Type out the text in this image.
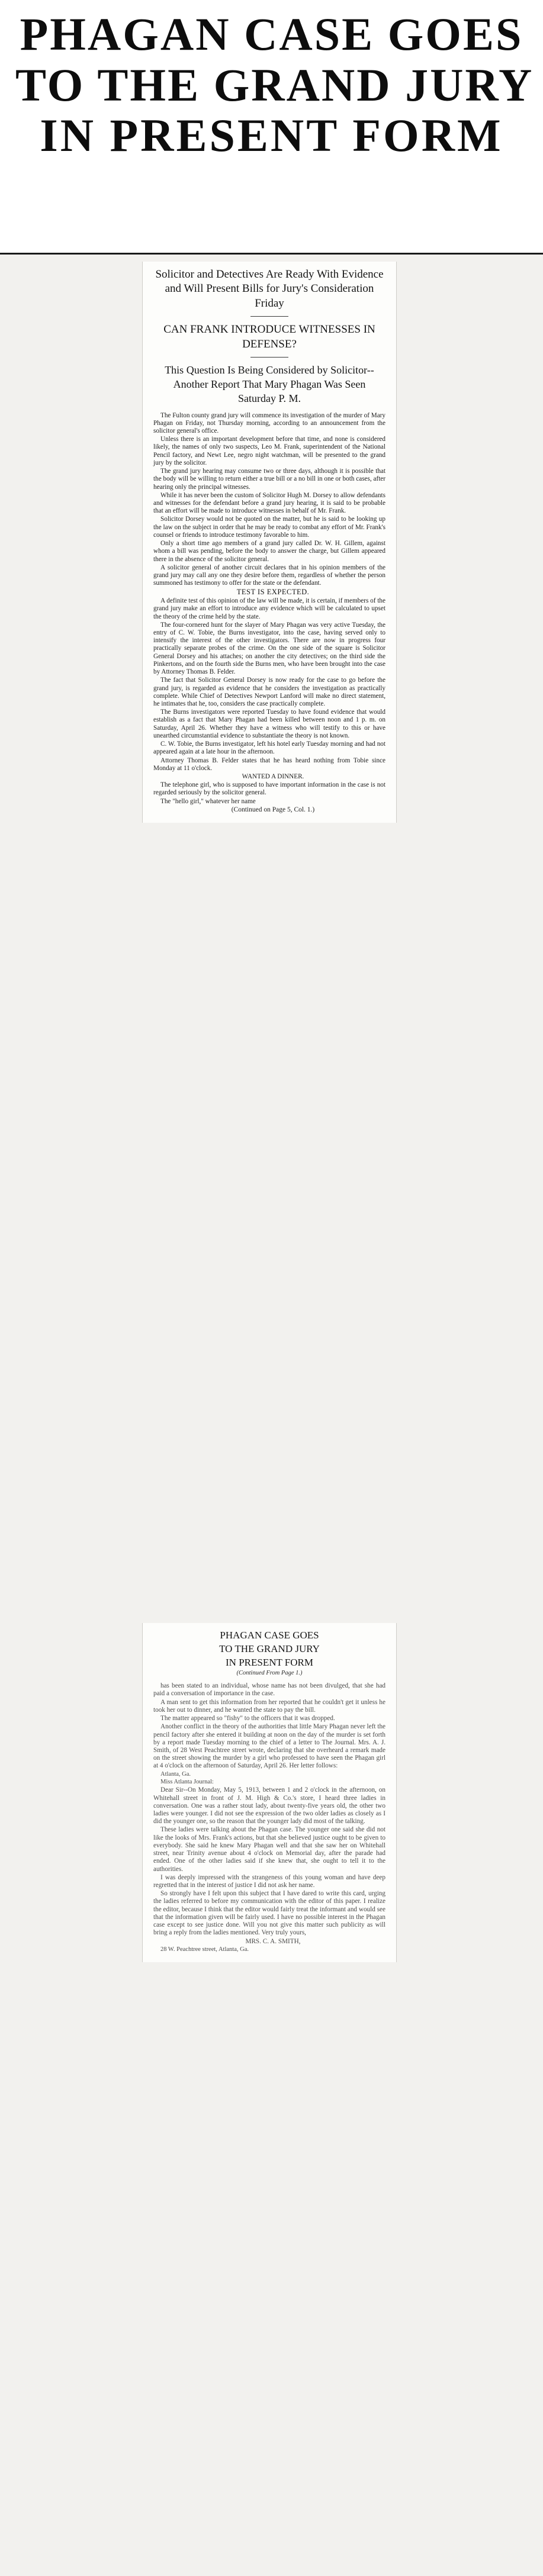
PHAGAN CASE GOES
TO THE GRAND JURY
IN PRESENT FORM
Solicitor and Detectives Are Ready With Evidence and Will Present Bills for Jury's Consideration Friday
CAN FRANK INTRODUCE WITNESSES IN DEFENSE?
This Question Is Being Considered by Solicitor--Another Report That Mary Phagan Was Seen Saturday P. M.

The Fulton county grand jury will commence its investigation of the murder of Mary Phagan on Friday, not Thursday morning, according to an announcement from the solicitor general's office.

Unless there is an important development before that time, and none is considered likely, the names of only two suspects, Leo M. Frank, superintendent of the National Pencil factory, and Newt Lee, negro night watchman, will be presented to the grand jury by the solicitor.

The grand jury hearing may consume two or three days, although it is possible that the body will be willing to return either a true bill or a no bill in one or both cases, after hearing only the principal witnesses.

While it has never been the custom of Solicitor Hugh M. Dorsey to allow defendants and witnesses for the defendant before a grand jury hearing, it is said to be probable that an effort will be made to introduce witnesses in behalf of Mr. Frank.

Solicitor Dorsey would not be quoted on the matter, but he is said to be looking up the law on the subject in order that he may be ready to combat any effort of Mr. Frank's counsel or friends to introduce testimony favorable to him.

Only a short time ago members of a grand jury called Dr. W. H. Gillem, against whom a bill was pending, before the body to answer the charge, but Gillem appeared there in the absence of the solicitor general.

A solicitor general of another circuit declares that in his opinion members of the grand jury may call any one they desire before them, regardless of whether the person summoned has testimony to offer for the state or the defendant.

TEST IS EXPECTED.

A definite test of this opinion of the law will be made, it is certain, if members of the grand jury make an effort to introduce any evidence which will be calculated to upset the theory of the crime held by the state.

The four-cornered hunt for the slayer of Mary Phagan was very active Tuesday, the entry of C. W. Tobie, the Burns investigator, into the case, having served only to intensify the interest of the other investigators. There are now in progress four practically separate probes of the crime. On the one side of the square is Solicitor General Dorsey and his attaches; on another the city detectives; on the third side the Pinkertons, and on the fourth side the Burns men, who have been brought into the case by Attorney Thomas B. Felder.

The fact that Solicitor General Dorsey is now ready for the case to go before the grand jury, is regarded as evidence that he considers the investigation as practically complete. While Chief of Detectives Newport Lanford will make no direct statement, he intimates that he, too, considers the case practically complete.

The Burns investigators were reported Tuesday to have found evidence that would establish as a fact that Mary Phagan had been killed between noon and 1 p. m. on Saturday, April 26. Whether they have a witness who will testify to this or have unearthed circumstantial evidence to substantiate the theory is not known.

C. W. Tobie, the Burns investigator, left his hotel early Tuesday morning and had not appeared again at a late hour in the afternoon.

Attorney Thomas B. Felder states that he has heard nothing from Tobie since Monday at 11 o'clock.

WANTED A DINNER.

The telephone girl, who is supposed to have important information in the case is not regarded seriously by the solicitor general.

The "hello girl," whatever her name

(Continued on Page 5, Col. 1.)

PHAGAN CASE GOES
TO THE GRAND JURY
IN PRESENT FORM
(Continued From Page 1.)

has been stated to an individual, whose name has not been divulged, that she had paid a conversation of importance in the case.

A man sent to get this information from her reported that he couldn't get it unless he took her out to dinner, and he wanted the state to pay the bill.

The matter appeared so "fishy" to the officers that it was dropped.

Another conflict in the theory of the authorities that little Mary Phagan never left the pencil factory after she entered it building at noon on the day of the murder is set forth by a report made Tuesday morning to the chief of a letter to The Journal. Mrs. A. J. Smith, of 28 West Peachtree street wrote, declaring that she overheard a remark made on the street showing the murder by a girl who professed to have seen the Phagan girl at 4 o'clock on the afternoon of Saturday, April 26. Her letter follows:

Atlanta, Ga.

Miss Atlanta Journal:

Dear Sir--On Monday, May 5, 1913, between 1 and 2 o'clock in the afternoon, on Whitehall street in front of J. M. High & Co.'s store, I heard three ladies in conversation. One was a rather stout lady, about twenty-five years old, the other two ladies were younger. I did not see the expression of the two older ladies as closely as I did the younger one, so the reason that the younger lady did most of the talking.

These ladies were talking about the Phagan case. The younger one said she did not like the looks of Mrs. Frank's actions, but that she believed justice ought to be given to everybody. She said he knew Mary Phagan well and that she saw her on Whitehall street, near Trinity avenue about 4 o'clock on Memorial day, after the parade had ended. One of the other ladies said if she knew that, she ought to tell it to the authorities.

I was deeply impressed with the strangeness of this young woman and have deep regretted that in the interest of justice I did not ask her name.

So strongly have I felt upon this subject that I have dared to write this card, urging the ladies referred to before my communication with the editor of this paper. I realize the editor, because I think that the editor would fairly treat the informant and would see that the information given will be fairly used. I have no possible interest in the Phagan case except to see justice done. Will you not give this matter such publicity as will bring a reply from the ladies mentioned. Very truly yours,

MRS. C. A. SMITH,

28 W. Peachtree street, Atlanta, Ga.
